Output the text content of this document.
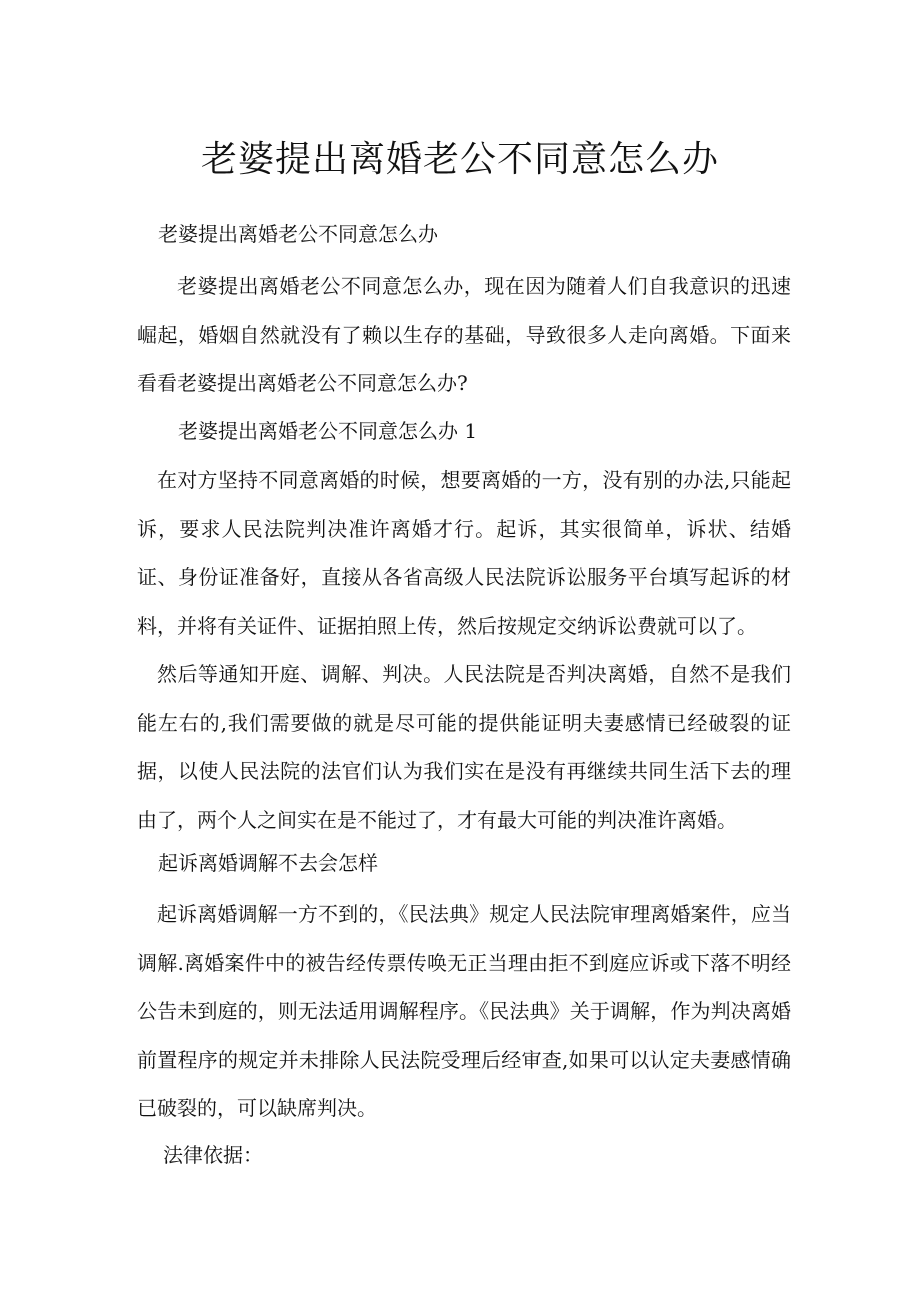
老婆提出离婚老公不同意怎么办

老婆提出离婚老公不同意怎么办

老婆提出离婚老公不同意怎么办，现在因为随着人们自我意识的迅速崛起，婚姻自然就没有了赖以生存的基础，导致很多人走向离婚。下面来看看老婆提出离婚老公不同意怎么办?

老婆提出离婚老公不同意怎么办 1

在对方坚持不同意离婚的时候，想要离婚的一方，没有别的办法,只能起诉，要求人民法院判决准许离婚才行。起诉，其实很简单，诉状、结婚证、身份证准备好，直接从各省高级人民法院诉讼服务平台填写起诉的材料，并将有关证件、证据拍照上传，然后按规定交纳诉讼费就可以了。

然后等通知开庭、调解、判决。人民法院是否判决离婚，自然不是我们能左右的,我们需要做的就是尽可能的提供能证明夫妻感情已经破裂的证据，以使人民法院的法官们认为我们实在是没有再继续共同生活下去的理由了，两个人之间实在是不能过了，才有最大可能的判决准许离婚。

起诉离婚调解不去会怎样

起诉离婚调解一方不到的，《民法典》规定人民法院审理离婚案件，应当调解.离婚案件中的被告经传票传唤无正当理由拒不到庭应诉或下落不明经公告未到庭的，则无法适用调解程序。《民法典》关于调解，作为判决离婚前置程序的规定并未排除人民法院受理后经审查,如果可以认定夫妻感情确已破裂的，可以缺席判决。

法律依据：
